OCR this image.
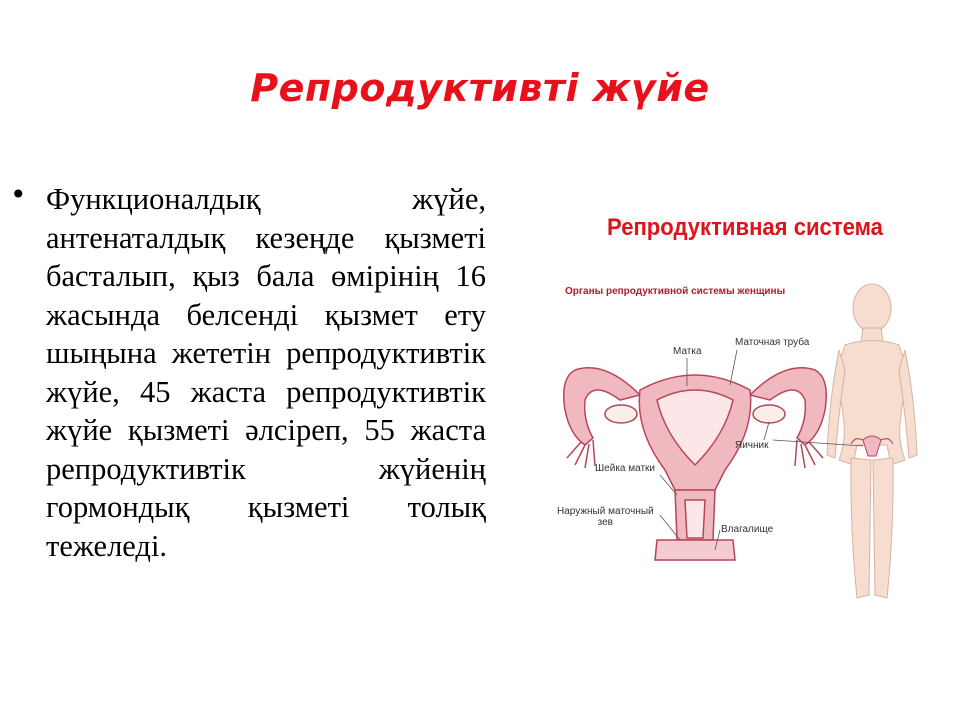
Репродуктивті жүйе
• Функционалдық жүйе, антенаталдық кезеңде қызметі басталып, қыз бала өмірінің 16 жасында белсенді қызмет ету шыңына жететін репродуктивтік жүйе, 45 жаста репродуктивтік жүйе қызметі әлсіреп, 55 жаста репродуктивтік жүйенің гормондық қызметі толық тежеледі.
Репродуктивная система
Органы репродуктивной системы женщины
Матка
Маточная труба
Яичник
Шейка матки
Наружный маточный
зев
Влагалище
